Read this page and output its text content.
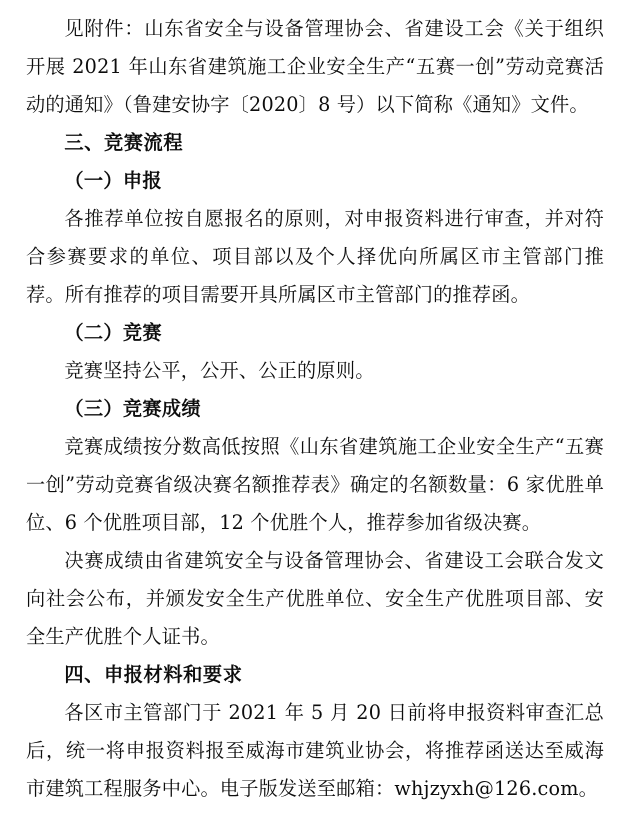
见附件：山东省安全与设备管理协会、省建设工会《关于组织开展 2021 年山东省建筑施工企业安全生产“五赛一创”劳动竞赛活动的通知》（鲁建安协字〔2020〕8 号）以下简称《通知》文件。

三、竞赛流程

（一）申报

各推荐单位按自愿报名的原则，对申报资料进行审查，并对符合参赛要求的单位、项目部以及个人择优向所属区市主管部门推荐。所有推荐的项目需要开具所属区市主管部门的推荐函。

（二）竞赛

竞赛坚持公平，公开、公正的原则。

（三）竞赛成绩

竞赛成绩按分数高低按照《山东省建筑施工企业安全生产“五赛一创”劳动竞赛省级决赛名额推荐表》确定的名额数量：6 家优胜单位、6 个优胜项目部，12 个优胜个人，推荐参加省级决赛。

决赛成绩由省建筑安全与设备管理协会、省建设工会联合发文向社会公布，并颁发安全生产优胜单位、安全生产优胜项目部、安全生产优胜个人证书。

四、申报材料和要求

各区市主管部门于 2021 年 5 月 20 日前将申报资料审查汇总后，统一将申报资料报至威海市建筑业协会，将推荐函送达至威海市建筑工程服务中心。电子版发送至邮箱：whjzyxh@126.com。
